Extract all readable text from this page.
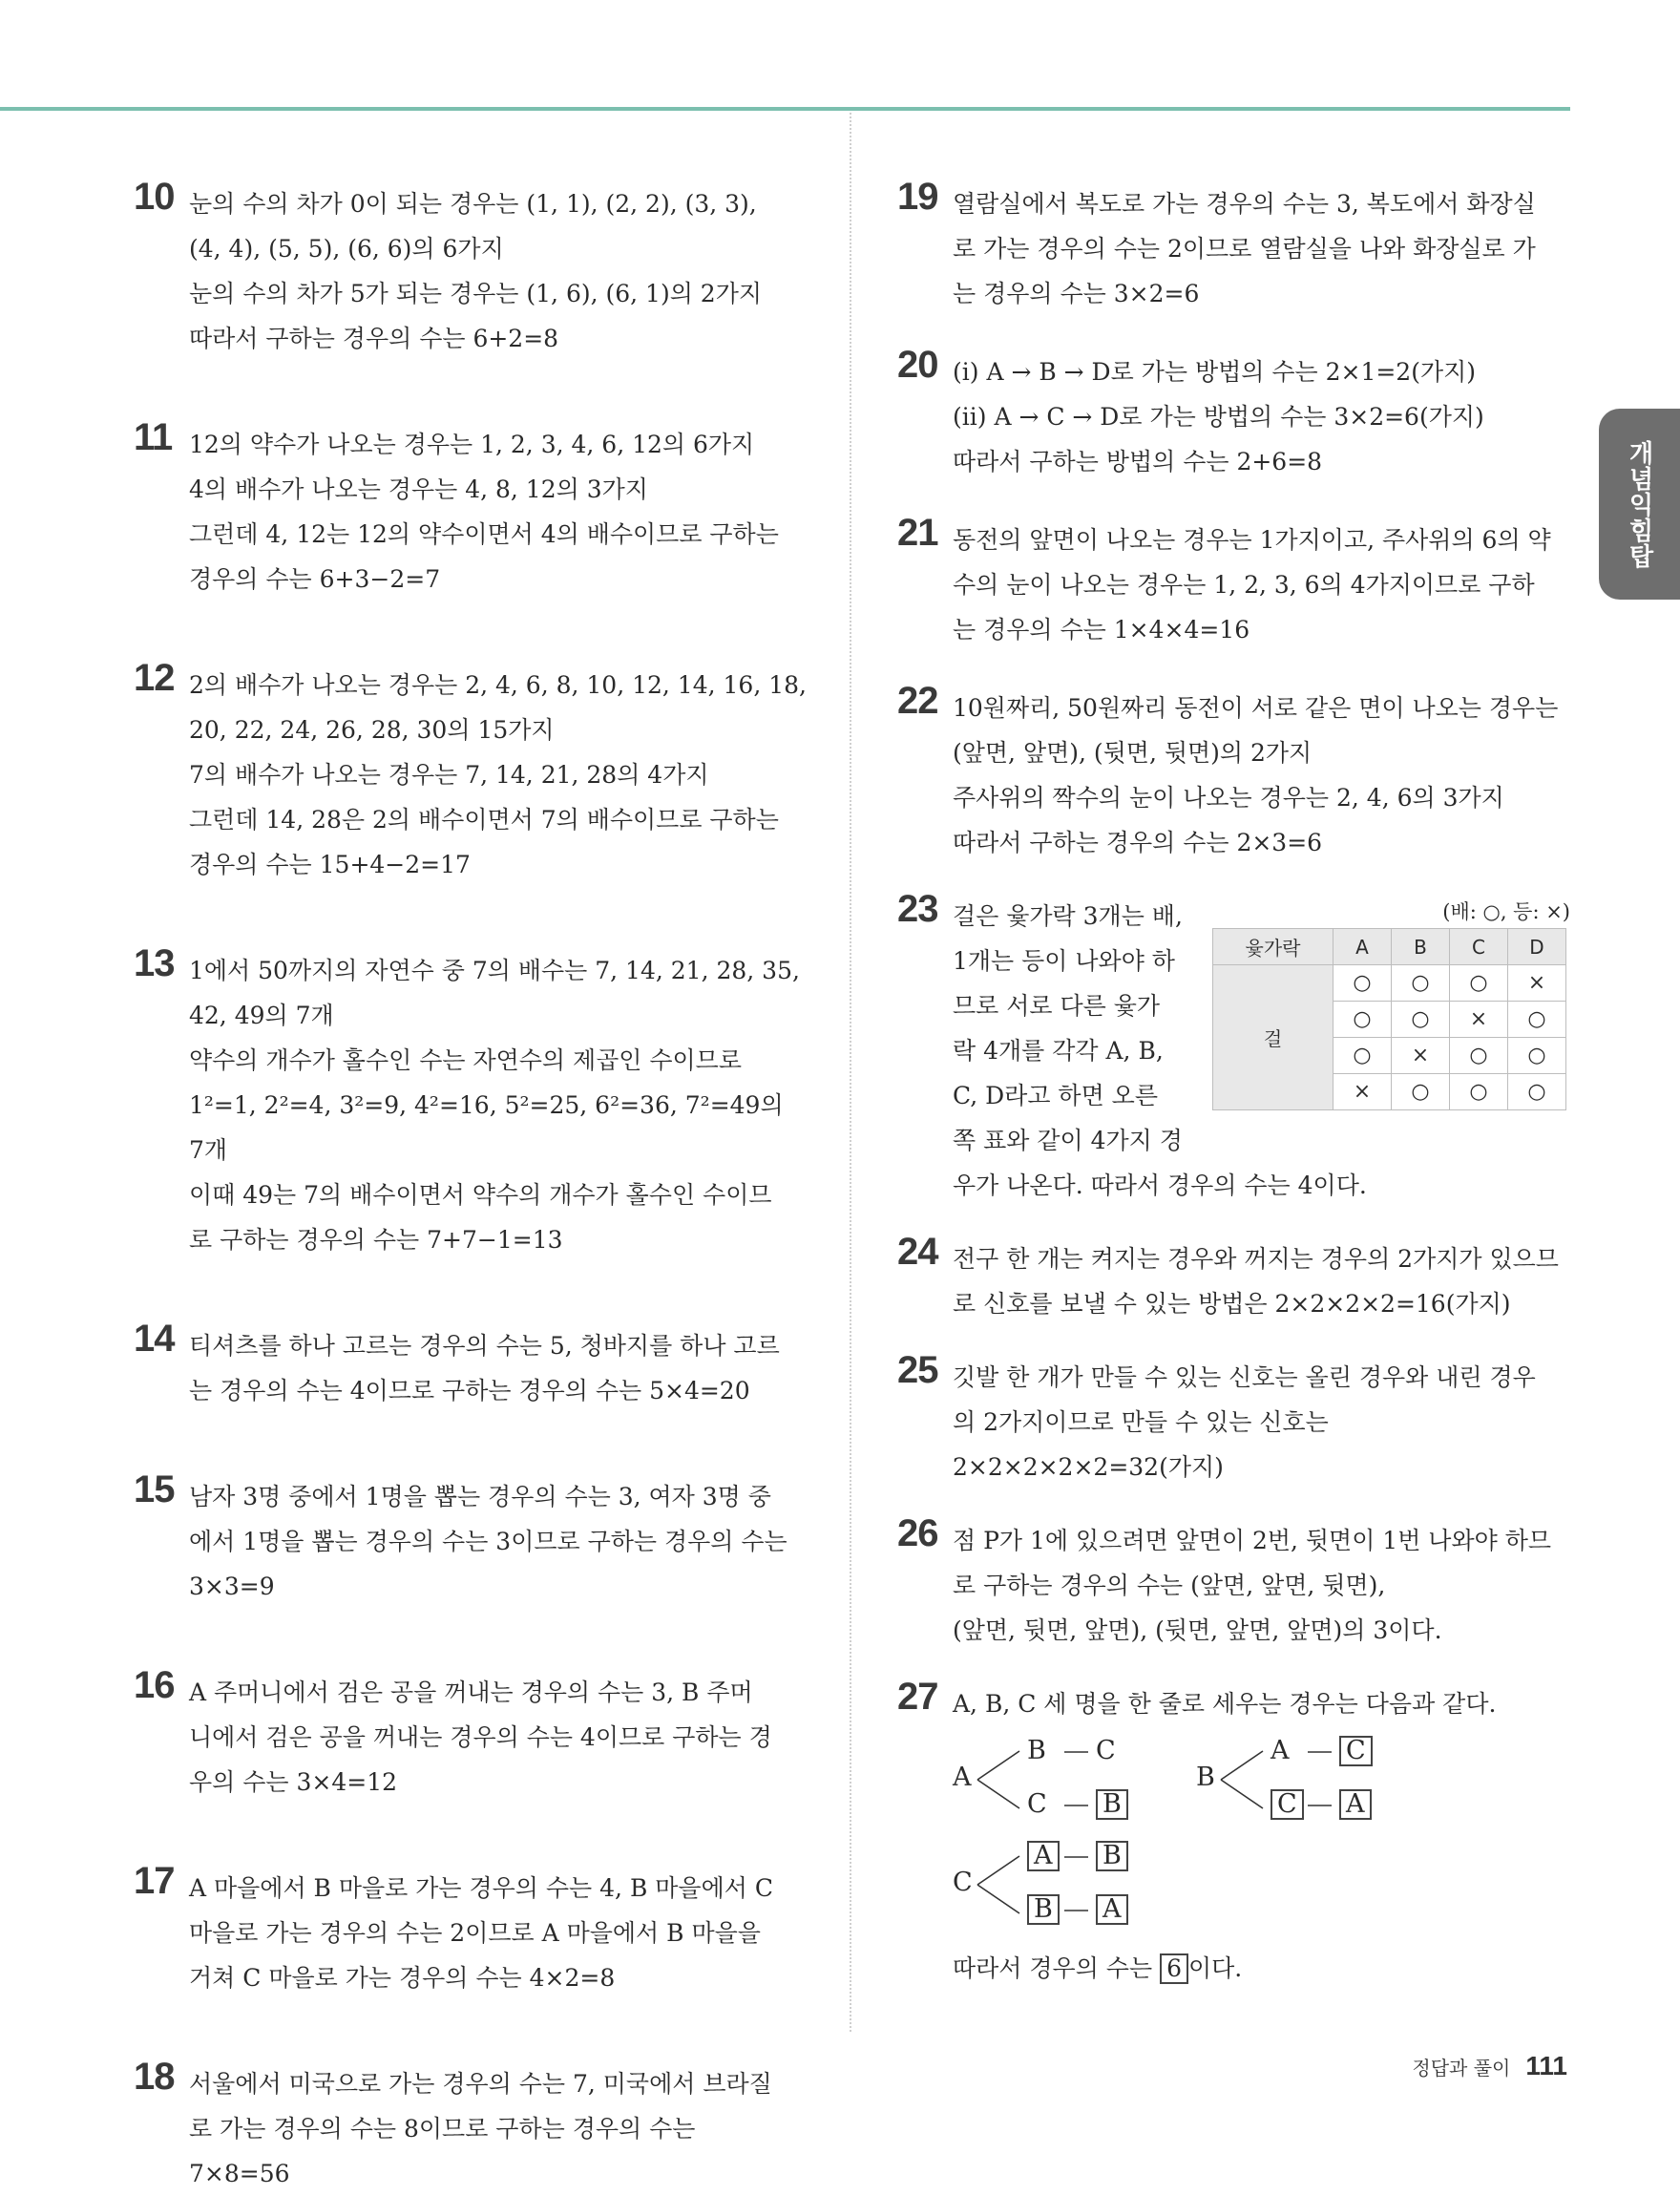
개념익힘탑
10 눈의 수의 차가 0이 되는 경우는 (1, 1), (2, 2), (3, 3),
(4, 4), (5, 5), (6, 6)의 6가지
눈의 수의 차가 5가 되는 경우는 (1, 6), (6, 1)의 2가지
따라서 구하는 경우의 수는 6+2=8
11 12의 약수가 나오는 경우는 1, 2, 3, 4, 6, 12의 6가지
4의 배수가 나오는 경우는 4, 8, 12의 3가지
그런데 4, 12는 12의 약수이면서 4의 배수이므로 구하는
경우의 수는 6+3−2=7
12 2의 배수가 나오는 경우는 2, 4, 6, 8, 10, 12, 14, 16, 18,
20, 22, 24, 26, 28, 30의 15가지
7의 배수가 나오는 경우는 7, 14, 21, 28의 4가지
그런데 14, 28은 2의 배수이면서 7의 배수이므로 구하는
경우의 수는 15+4−2=17
13 1에서 50까지의 자연수 중 7의 배수는 7, 14, 21, 28, 35,
42, 49의 7개
약수의 개수가 홀수인 수는 자연수의 제곱인 수이므로
1²=1, 2²=4, 3²=9, 4²=16, 5²=25, 6²=36, 7²=49의
7개
이때 49는 7의 배수이면서 약수의 개수가 홀수인 수이므
로 구하는 경우의 수는 7+7−1=13
14 티셔츠를 하나 고르는 경우의 수는 5, 청바지를 하나 고르
는 경우의 수는 4이므로 구하는 경우의 수는 5×4=20
15 남자 3명 중에서 1명을 뽑는 경우의 수는 3, 여자 3명 중
에서 1명을 뽑는 경우의 수는 3이므로 구하는 경우의 수는
3×3=9
16 A 주머니에서 검은 공을 꺼내는 경우의 수는 3, B 주머
니에서 검은 공을 꺼내는 경우의 수는 4이므로 구하는 경
우의 수는 3×4=12
17 A 마을에서 B 마을로 가는 경우의 수는 4, B 마을에서 C
마을로 가는 경우의 수는 2이므로 A 마을에서 B 마을을
거쳐 C 마을로 가는 경우의 수는 4×2=8
18 서울에서 미국으로 가는 경우의 수는 7, 미국에서 브라질
로 가는 경우의 수는 8이므로 구하는 경우의 수는
7×8=56
19 열람실에서 복도로 가는 경우의 수는 3, 복도에서 화장실
로 가는 경우의 수는 2이므로 열람실을 나와 화장실로 가
는 경우의 수는 3×2=6
20 (ⅰ) A → B → D로 가는 방법의 수는 2×1=2(가지)
(ⅱ) A → C → D로 가는 방법의 수는 3×2=6(가지)
따라서 구하는 방법의 수는 2+6=8
21 동전의 앞면이 나오는 경우는 1가지이고, 주사위의 6의 약
수의 눈이 나오는 경우는 1, 2, 3, 6의 4가지이므로 구하
는 경우의 수는 1×4×4=16
22 10원짜리, 50원짜리 동전이 서로 같은 면이 나오는 경우는
(앞면, 앞면), (뒷면, 뒷면)의 2가지
주사위의 짝수의 눈이 나오는 경우는 2, 4, 6의 3가지
따라서 구하는 경우의 수는 2×3=6
23 걸은 윷가락 3개는 배,
1개는 등이 나와야 하
므로 서로 다른 윷가
락 4개를 각각 A, B,
C, D라고 하면 오른
쪽 표와 같이 4가지 경
(배: ○, 등: ×)
윷가락	A	B	C	D
걸	○	○	○	×
	○	○	×	○
	○	×	○	○
	×	○	○	○
우가 나온다. 따라서 경우의 수는 4이다.
24 전구 한 개는 켜지는 경우와 꺼지는 경우의 2가지가 있으므
로 신호를 보낼 수 있는 방법은 2×2×2×2=16(가지)
25 깃발 한 개가 만들 수 있는 신호는 올린 경우와 내린 경우
의 2가지이므로 만들 수 있는 신호는
2×2×2×2×2=32(가지)
26 점 P가 1에 있으려면 앞면이 2번, 뒷면이 1번 나와야 하므
로 구하는 경우의 수는 (앞면, 앞면, 뒷면),
(앞면, 뒷면, 앞면), (뒷면, 앞면, 앞면)의 3이다.
27 A, B, C 세 명을 한 줄로 세우는 경우는 다음과 같다.
A
B C
C B
B
A C
C A
C
A B
B A
따라서 경우의 수는 6 이다.
정답과 풀이 111
